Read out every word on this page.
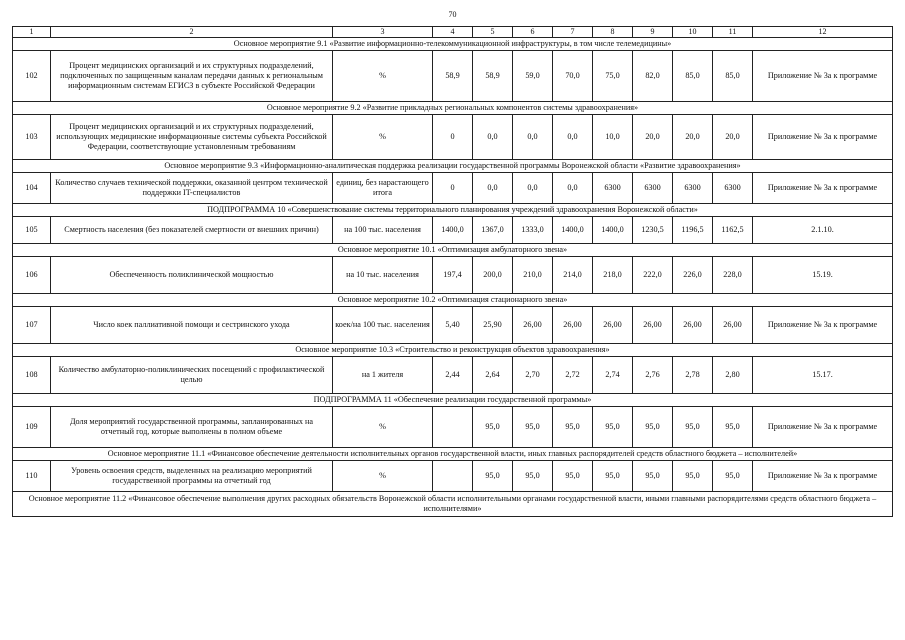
70
1	2	3	4	5	6	7	8	9	10	11	12
Основное мероприятие 9.1 «Развитие информационно-телекоммуникационной инфраструктуры, в том числе телемедицины»											
102	Процент медицинских организаций и их структурных подразделений, подключенных по защищенным каналам передачи данных к региональным информационным системам ЕГИСЗ в субъекте Российской Федерации	%	58,9	58,9	59,0	70,0	75,0	82,0	85,0	85,0	Приложение № 3а к программе
Основное мероприятие 9.2 «Развитие прикладных региональных компонентов системы здравоохранения»											
103	Процент медицинских организаций и их структурных подразделений, использующих медицинские информационные системы субъекта Российской Федерации, соответствующие установленным требованиям	%	0	0,0	0,0	0,0	10,0	20,0	20,0	20,0	Приложение № 3а к программе
Основное мероприятие 9.3 «Информационно-аналитическая поддержка реализации государственной программы Воронежской области «Развитие здравоохранения»											
104	Количество случаев технической поддержки, оказанной центром технической поддержки IT-специалистов	единиц, без нарастающего итога	0	0,0	0,0	0,0	6300	6300	6300	6300	Приложение № 3а к программе
ПОДПРОГРАММА 10 «Совершенствование системы территориального планирования учреждений здравоохранения Воронежской области»											
105	Смертность населения (без показателей смертности от внешних причин)	на 100 тыс. населения	1400,0	1367,0	1333,0	1400,0	1400,0	1230,5	1196,5	1162,5	2.1.10.
Основное мероприятие 10.1 «Оптимизация амбулаторного звена»											
106	Обеспеченность поликлинической мощностью	на 10 тыс. населения	197,4	200,0	210,0	214,0	218,0	222,0	226,0	228,0	15.19.
Основное мероприятие 10.2 «Оптимизация стационарного звена»											
107	Число коек паллиативной помощи и сестринского ухода	коек/на 100 тыс. населения	5,40	25,90	26,00	26,00	26,00	26,00	26,00	26,00	Приложение № 3а к программе
Основное мероприятие 10.3 «Строительство и реконструкция объектов здравоохранения»											
108	Количество амбулаторно-поликлинических посещений с профилактической целью	на 1 жителя	2,44	2,64	2,70	2,72	2,74	2,76	2,78	2,80	15.17.
ПОДПРОГРАММА 11 «Обеспечение реализации государственной программы»											
109	Доля мероприятий государственной программы, запланированных на отчетный год, которые выполнены в полном объеме	%		95,0	95,0	95,0	95,0	95,0	95,0	95,0	Приложение № 3а к программе
Основное мероприятие 11.1 «Финансовое обеспечение деятельности исполнительных органов государственной власти, иных главных распорядителей средств областного бюджета – исполнителей»											
110	Уровень освоения средств, выделенных на реализацию мероприятий государственной программы на отчетный год	%		95,0	95,0	95,0	95,0	95,0	95,0	95,0	Приложение № 3а к программе
Основное мероприятие 11.2 «Финансовое обеспечение выполнения других расходных обязательств Воронежской области исполнительными органами государственной власти, иными главными распорядителями средств областного бюджета – исполнителями»											
